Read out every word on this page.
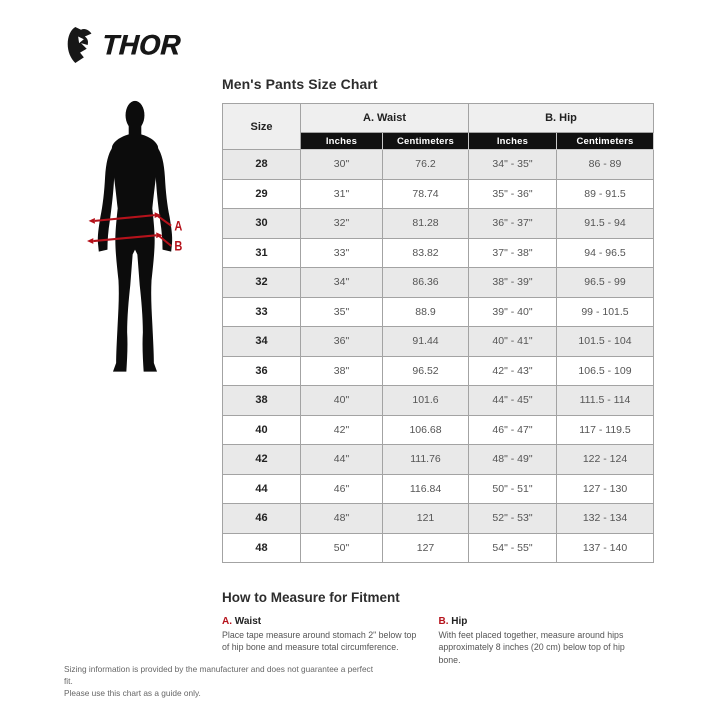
THOR
Men's Pants Size Chart
A
B
Size	A. Waist		B. Hip	
	Inches	Centimeters	Inches	Centimeters
28	30"	76.2	34" - 35"	86 - 89
29	31"	78.74	35" - 36"	89 - 91.5
30	32"	81.28	36" - 37"	91.5 - 94
31	33"	83.82	37" - 38"	94 - 96.5
32	34"	86.36	38" - 39"	96.5 - 99
33	35"	88.9	39" - 40"	99 - 101.5
34	36"	91.44	40" - 41"	101.5 - 104
36	38"	96.52	42" - 43"	106.5 - 109
38	40"	101.6	44" - 45"	111.5 - 114
40	42"	106.68	46" - 47"	117 - 119.5
42	44"	111.76	48" - 49"	122 - 124
44	46"	116.84	50" - 51"	127 - 130
46	48"	121	52" - 53"	132 - 134
48	50"	127	54" - 55"	137 - 140
How to Measure for Fitment
A. Waist
Place tape measure around stomach 2" below top of hip bone and measure total circumference.
B. Hip
With feet placed together, measure around hips approximately 8 inches (20 cm) below top of hip bone.
Sizing information is provided by the manufacturer and does not guarantee a perfect fit.
Please use this chart as a guide only.
